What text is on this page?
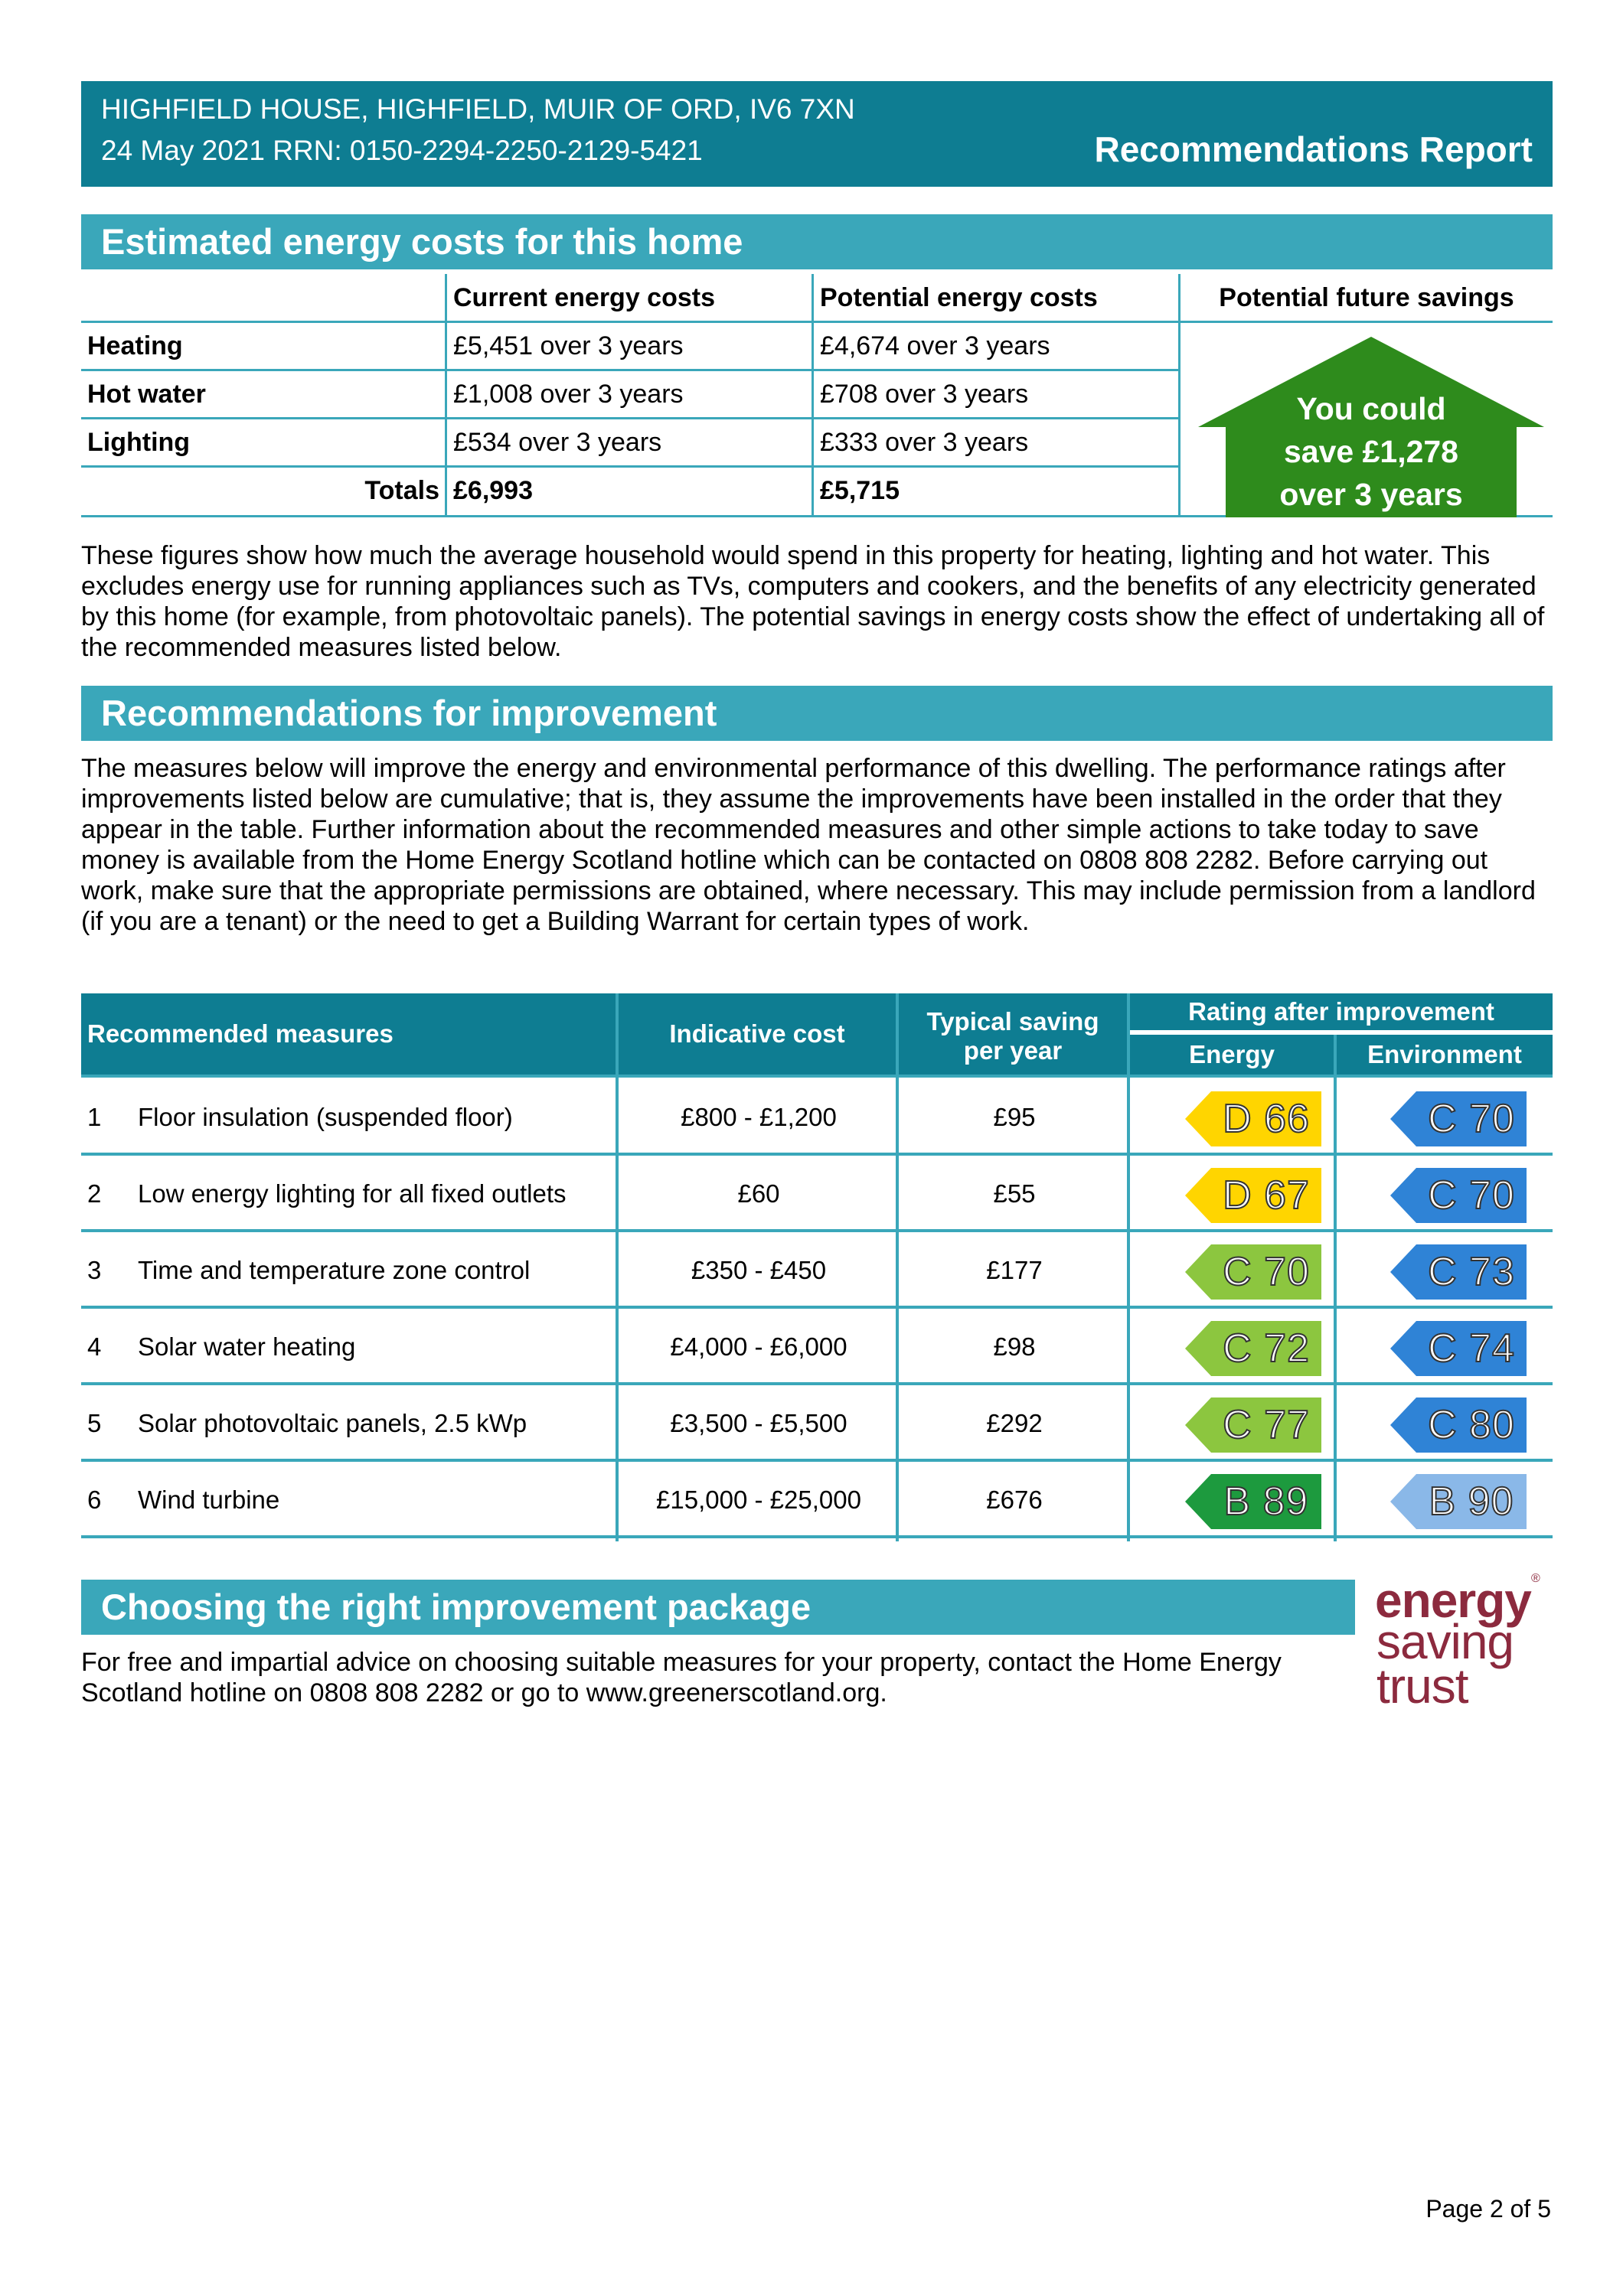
HIGHFIELD HOUSE, HIGHFIELD, MUIR OF ORD, IV6 7XN
24 May 2021 RRN: 0150-2294-2250-2129-5421	Recommendations Report
Estimated energy costs for this home
Current energy costs	Potential energy costs	Potential future savings
Heating	£5,451 over 3 years	£4,674 over 3 years
Hot water	£1,008 over 3 years	£708 over 3 years
Lighting	£534 over 3 years	£333 over 3 years
Totals £6,993	£5,715
You could
save £1,278
over 3 years

These figures show how much the average household would spend in this property for heating, lighting and hot water. This excludes energy use for running appliances such as TVs, computers and cookers, and the benefits of any electricity generated by this home (for example, from photovoltaic panels). The potential savings in energy costs show the effect of undertaking all of the recommended measures listed below.

Recommendations for improvement

The measures below will improve the energy and environmental performance of this dwelling. The performance ratings after improvements listed below are cumulative; that is, they assume the improvements have been installed in the order that they appear in the table. Further information about the recommended measures and other simple actions to take today to save money is available from the Home Energy Scotland hotline which can be contacted on 0808 808 2282. Before carrying out work, make sure that the appropriate permissions are obtained, where necessary. This may include permission from a landlord (if you are a tenant) or the need to get a Building Warrant for certain types of work.

Recommended measures	Indicative cost	Typical saving
per year
Rating after improvement
Energy	Environment
1 Floor insulation (suspended floor)	£800 - £1,200	£95	D 66	C 70
2 Low energy lighting for all fixed outlets	£60	£55	D 67	C 70
3 Time and temperature zone control	£350 - £450	£177	C 70	C 73
4 Solar water heating	£4,000 - £6,000	£98	C 72	C 74
5 Solar photovoltaic panels, 2.5 kWp	£3,500 - £5,500	£292	C 77	C 80
6 Wind turbine	£15,000 - £25,000	£676	B 89	B 90
Choosing the right improvement package

For free and impartial advice on choosing suitable measures for your property, contact the Home Energy Scotland hotline on 0808 808 2282 or go to www.greenerscotland.org.

energy
saving
trust
®
Page 2 of 5
